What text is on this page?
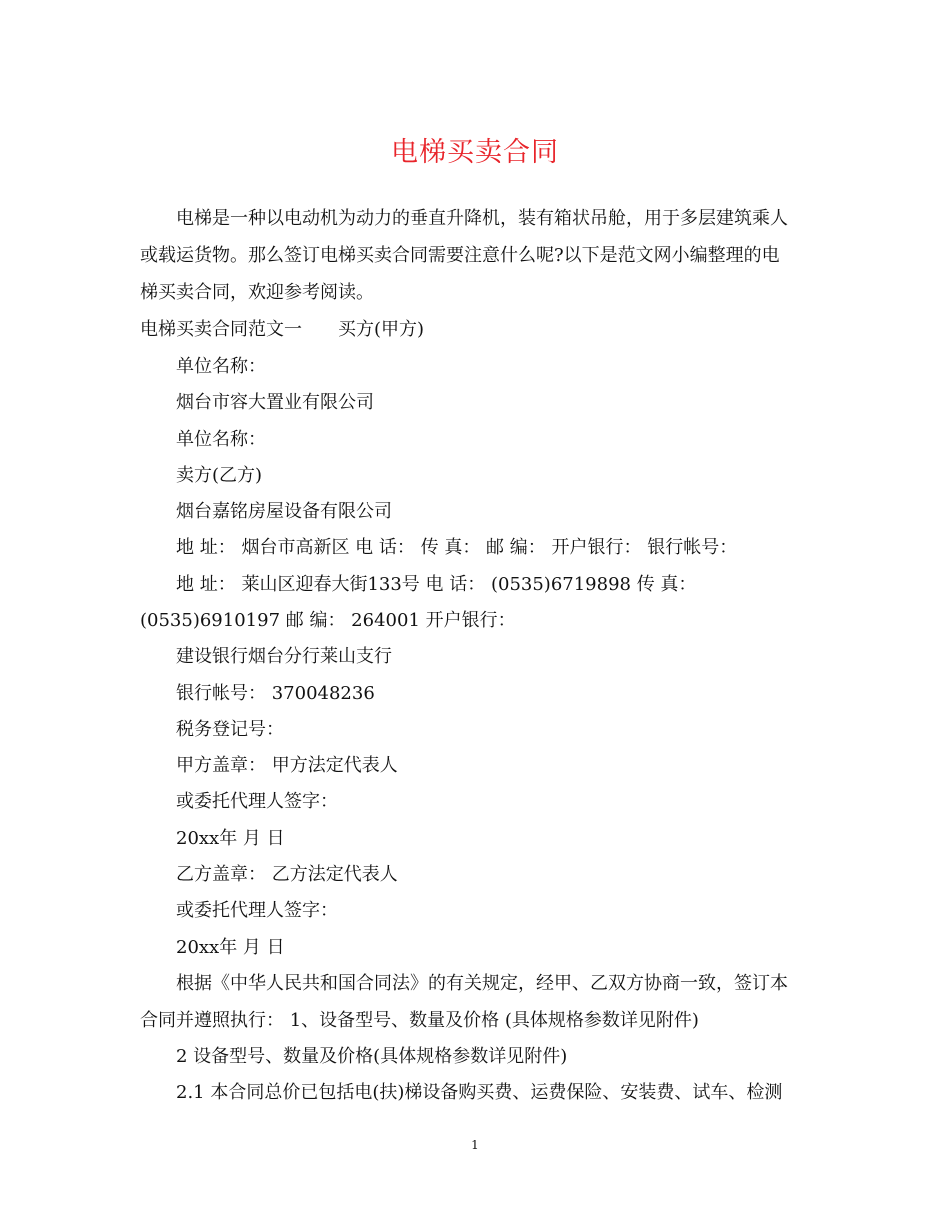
电梯买卖合同
电梯是一种以电动机为动力的垂直升降机，装有箱状吊舱，用于多层建筑乘人
或载运货物。那么签订电梯买卖合同需要注意什么呢?以下是范文网小编整理的电
梯买卖合同，欢迎参考阅读。
电梯买卖合同范文一　　买方(甲方)
单位名称：
烟台市容大置业有限公司
单位名称：
卖方(乙方)
烟台嘉铭房屋设备有限公司
地 址： 烟台市高新区 电 话： 传 真： 邮 编： 开户银行： 银行帐号：
地 址： 莱山区迎春大街133号 电 话： (0535)6719898 传 真：
(0535)6910197 邮 编： 264001 开户银行：
建设银行烟台分行莱山支行
银行帐号： 370048236
税务登记号：
甲方盖章： 甲方法定代表人
或委托代理人签字：
20xx年 月 日
乙方盖章： 乙方法定代表人
或委托代理人签字：
20xx年 月 日
根据《中华人民共和国合同法》的有关规定，经甲、乙双方协商一致，签订本
合同并遵照执行： 1、设备型号、数量及价格 (具体规格参数详见附件)
2 设备型号、数量及价格(具体规格参数详见附件)
2.1 本合同总价已包括电(扶)梯设备购买费、运费保险、安装费、试车、检测
1
